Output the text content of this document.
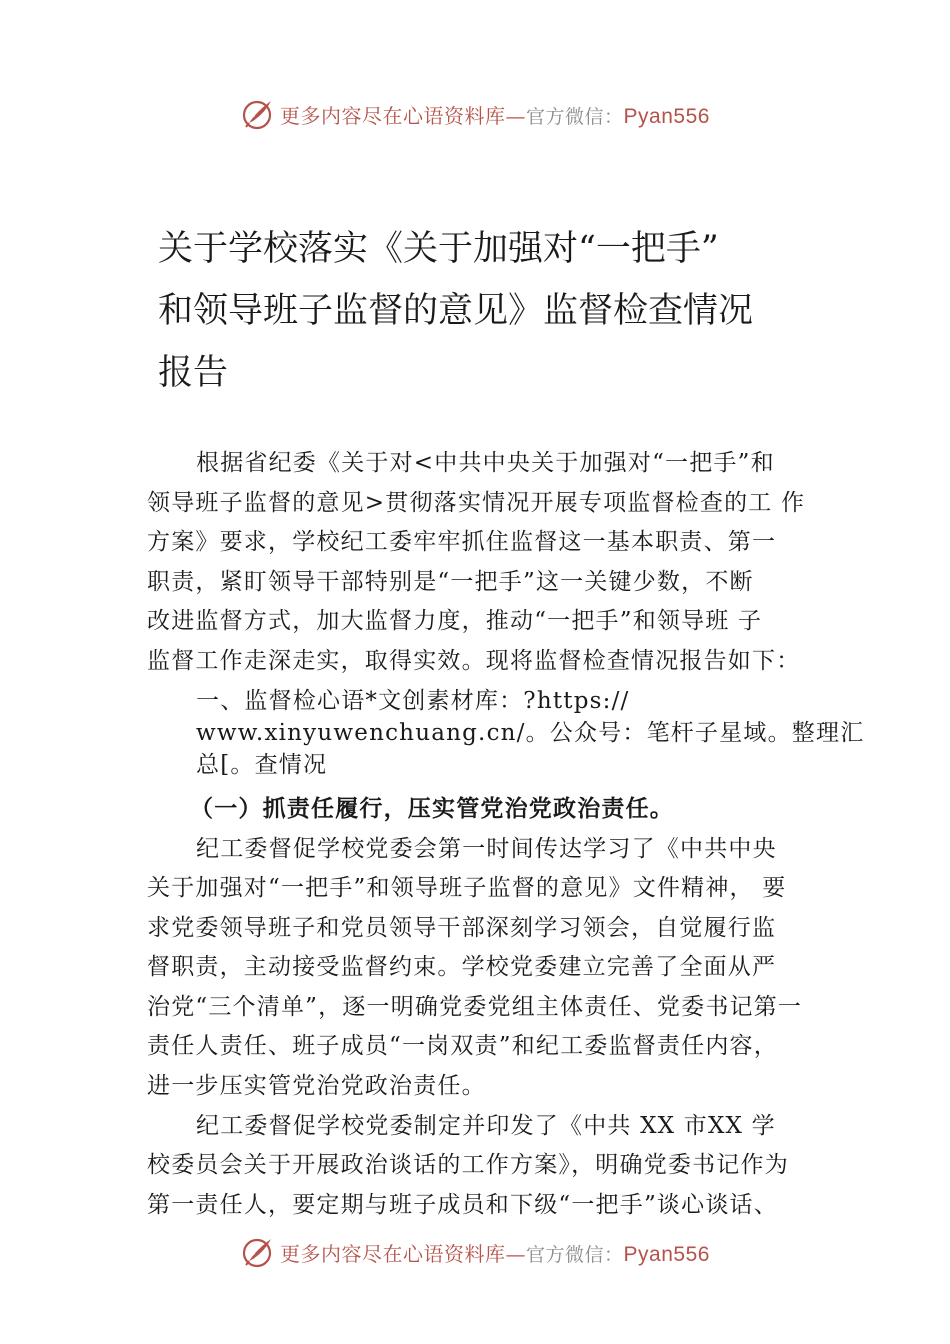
更多内容尽在心语资料库—官方微信：Pyan556
关于学校落实《关于加强对“一把手”
和领导班子监督的意见》监督检查情况
报告
根据省纪委《关于对<中共中央关于加强对“一把手”和
领导班子监督的意见>贯彻落实情况开展专项监督检查的工 作
方案》要求，学校纪工委牢牢抓住监督这一基本职责、第一
职责，紧盯领导干部特别是“一把手”这一关键少数，不断
改进监督方式，加大监督力度，推动“一把手”和领导班 子
监督工作走深走实，取得实效。现将监督检查情况报告如下：
一、监督检心语*文创素材库：?https://
www.xinyuwenchuang.cn/。公众号：笔杆子星域。整理汇
总[。查情况
（一）抓责任履行，压实管党治党政治责任。
纪工委督促学校党委会第一时间传达学习了《中共中央
关于加强对“一把手”和领导班子监督的意见》文件精神， 要
求党委领导班子和党员领导干部深刻学习领会，自觉履行监
督职责，主动接受监督约束。学校党委建立完善了全面从严
治党“三个清单”，逐一明确党委党组主体责任、党委书记第一
责任人责任、班子成员“一岗双责”和纪工委监督责任内容，
进一步压实管党治党政治责任。
纪工委督促学校党委制定并印发了《中共 XX 市XX 学
校委员会关于开展政治谈话的工作方案》，明确党委书记作为
第一责任人，要定期与班子成员和下级“一把手”谈心谈话、
更多内容尽在心语资料库—官方微信：Pyan556
